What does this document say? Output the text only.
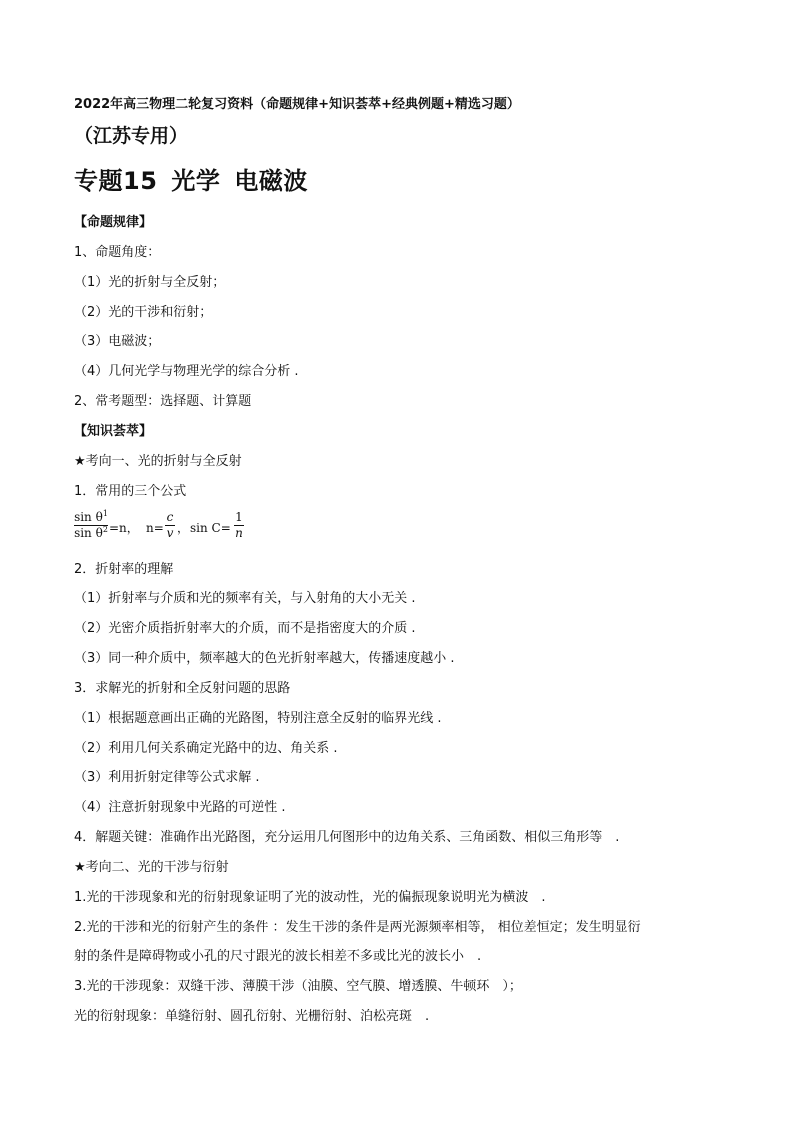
2022年高三物理二轮复习资料（命题规律+知识荟萃+经典例题+精选习题）
（江苏专用）
专题15 光学 电磁波
【命题规律】
1、命题角度：
（1）光的折射与全反射；
（2）光的干涉和衍射；
（3）电磁波；
（4）几何光学与物理光学的综合分析 .
2、常考题型：选择题、计算题
【知识荟萃】
★考向一、光的折射与全反射
1．常用的三个公式
$\sin \theta^1$
$\sin \theta^2 =n$， n=
c
v ， sin C=
1
n
2．折射率的理解
（1）折射率与介质和光的频率有关，与入射角的大小无关 .
（2）光密介质指折射率大的介质，而不是指密度大的介质 .
（3）同一种介质中，频率越大的色光折射率越大，传播速度越小 .
3．求解光的折射和全反射问题的思路
（1）根据题意画出正确的光路图，特别注意全反射的临界光线 .
（2）利用几何关系确定光路中的边、角关系 .
（3）利用折射定律等公式求解 .
（4）注意折射现象中光路的可逆性 .
4．解题关键：准确作出光路图，充分运用几何图形中的边角关系、三角函数、相似三角形等　.
★考向二、光的干涉与衍射
1.光的干涉现象和光的衍射现象证明了光的波动性，光的偏振现象说明光为横波　.
2.光的干涉和光的衍射产生的条件 ：发生干涉的条件是两光源频率相等， 相位差恒定；发生明显衍
射的条件是障碍物或小孔的尺寸跟光的波长相差不多或比光的波长小　.
3.光的干涉现象：双缝干涉、薄膜干涉（油膜、空气膜、增透膜、牛顿环　）；
光的衍射现象：单缝衍射、圆孔衍射、光栅衍射、泊松亮斑　.
